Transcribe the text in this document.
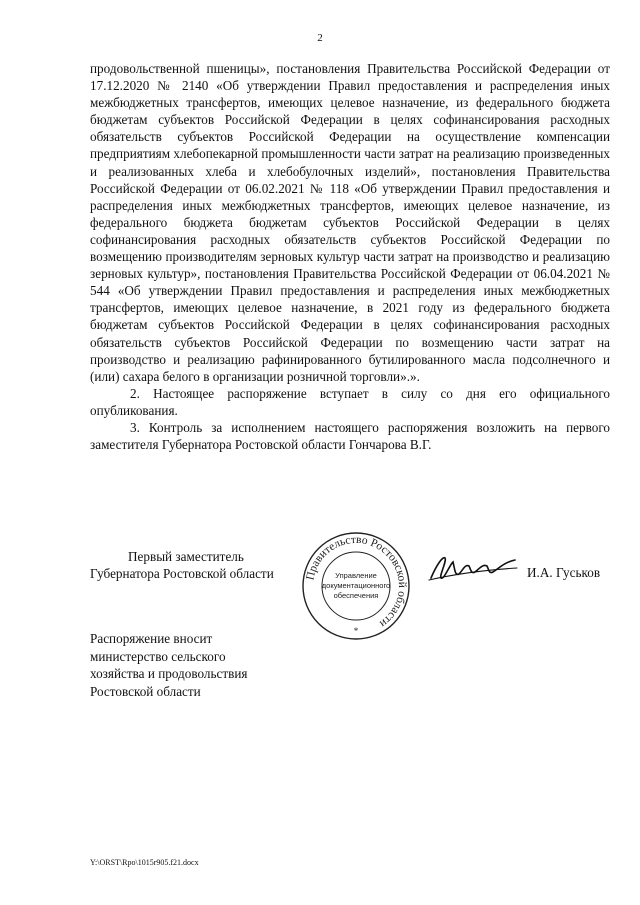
2

продовольственной пшеницы», постановления Правительства Российской Федерации от 17.12.2020 № 2140 «Об утверждении Правил предоставления и распределения иных межбюджетных трансфертов, имеющих целевое назначение, из федерального бюджета бюджетам субъектов Российской Федерации в целях софинансирования расходных обязательств субъектов Российской Федерации на осуществление компенсации предприятиям хлебопекарной промышленности части затрат на реализацию произведенных и реализованных хлеба и хлебобулочных изделий», постановления Правительства Российской Федерации от 06.02.2021 № 118 «Об утверждении Правил предоставления и распределения иных межбюджетных трансфертов, имеющих целевое назначение, из федерального бюджета бюджетам субъектов Российской Федерации в целях софинансирования расходных обязательств субъектов Российской Федерации по возмещению производителям зерновых культур части затрат на производство и реализацию зерновых культур», постановления Правительства Российской Федерации от 06.04.2021 № 544 «Об утверждении Правил предоставления и распределения иных межбюджетных трансфертов, имеющих целевое назначение, в 2021 году из федерального бюджета бюджетам субъектов Российской Федерации в целях софинансирования расходных обязательств субъектов Российской Федерации по возмещению части затрат на производство и реализацию рафинированного бутилированного масла подсолнечного и (или) сахара белого в организации розничной торговли».».

2. Настоящее распоряжение вступает в силу со дня его официального опубликования.

3. Контроль за исполнением настоящего распоряжения возложить на первого заместителя Губернатора Ростовской области Гончарова В.Г.

Первый заместитель
Губернатора Ростовской области	Правительство Ростовской области
Управление
документационного
обеспечения
*
И.А. Гуськов
Распоряжение вносит
министерство сельского
хозяйства и продовольствия
Ростовской области
Y:\ORST\Rpo\1015r905.f21.docx
